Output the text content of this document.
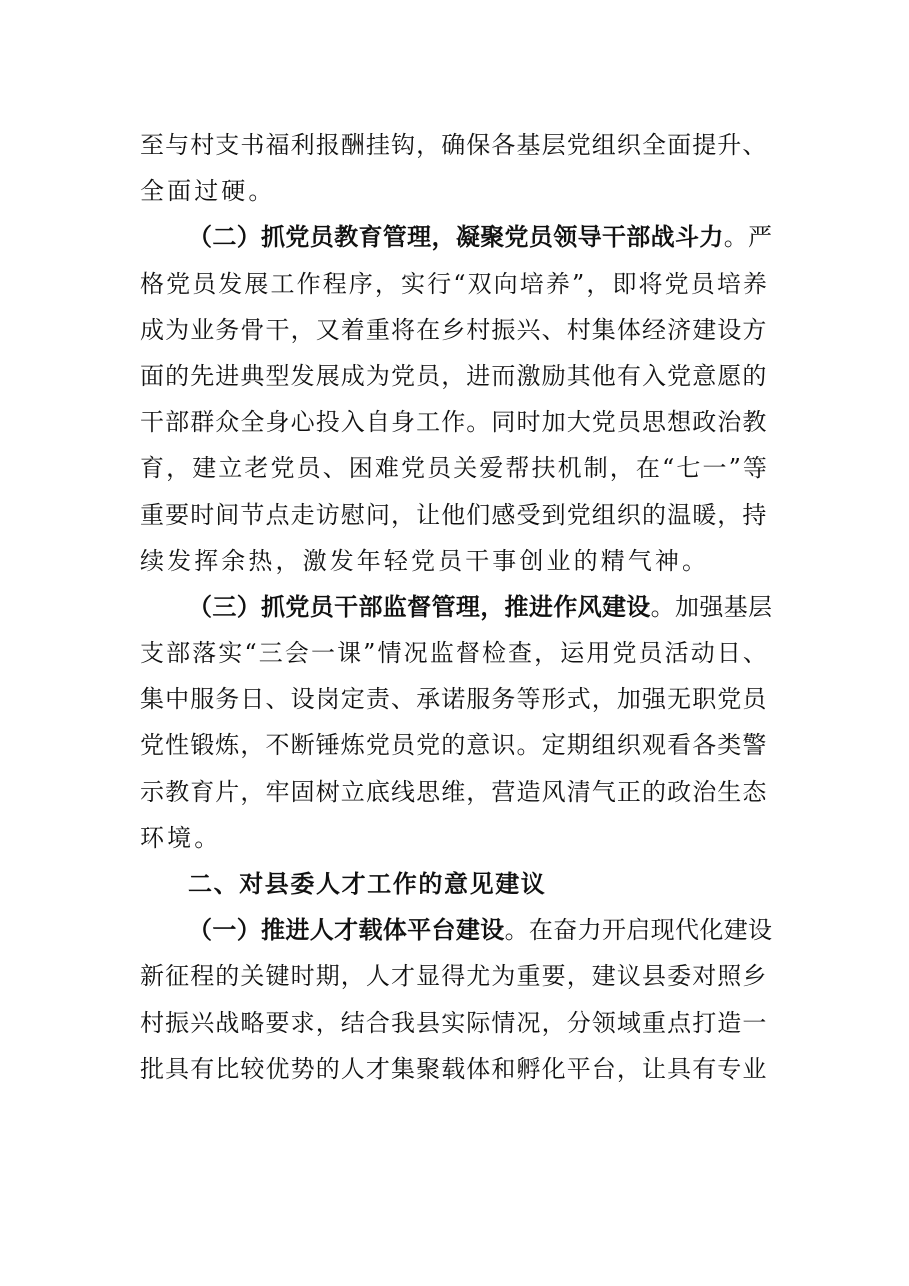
至与村支书福利报酬挂钩，确保各基层党组织全面提升、
全面过硬。
（二）抓党员教育管理，凝聚党员领导干部战斗力。严
格党员发展工作程序，实行“双向培养”，即将党员培养
成为业务骨干，又着重将在乡村振兴、村集体经济建设方
面的先进典型发展成为党员，进而激励其他有入党意愿的
干部群众全身心投入自身工作。同时加大党员思想政治教
育，建立老党员、困难党员关爱帮扶机制，在“七一”等
重要时间节点走访慰问，让他们感受到党组织的温暖，持
续发挥余热，激发年轻党员干事创业的精气神。
（三）抓党员干部监督管理，推进作风建设。加强基层
支部落实“三会一课”情况监督检查，运用党员活动日、
集中服务日、设岗定责、承诺服务等形式，加强无职党员
党性锻炼，不断锤炼党员党的意识。定期组织观看各类警
示教育片，牢固树立底线思维，营造风清气正的政治生态
环境。
二、对县委人才工作的意见建议
（一）推进人才载体平台建设。在奋力开启现代化建设
新征程的关键时期，人才显得尤为重要，建议县委对照乡
村振兴战略要求，结合我县实际情况，分领域重点打造一
批具有比较优势的人才集聚载体和孵化平台，让具有专业
